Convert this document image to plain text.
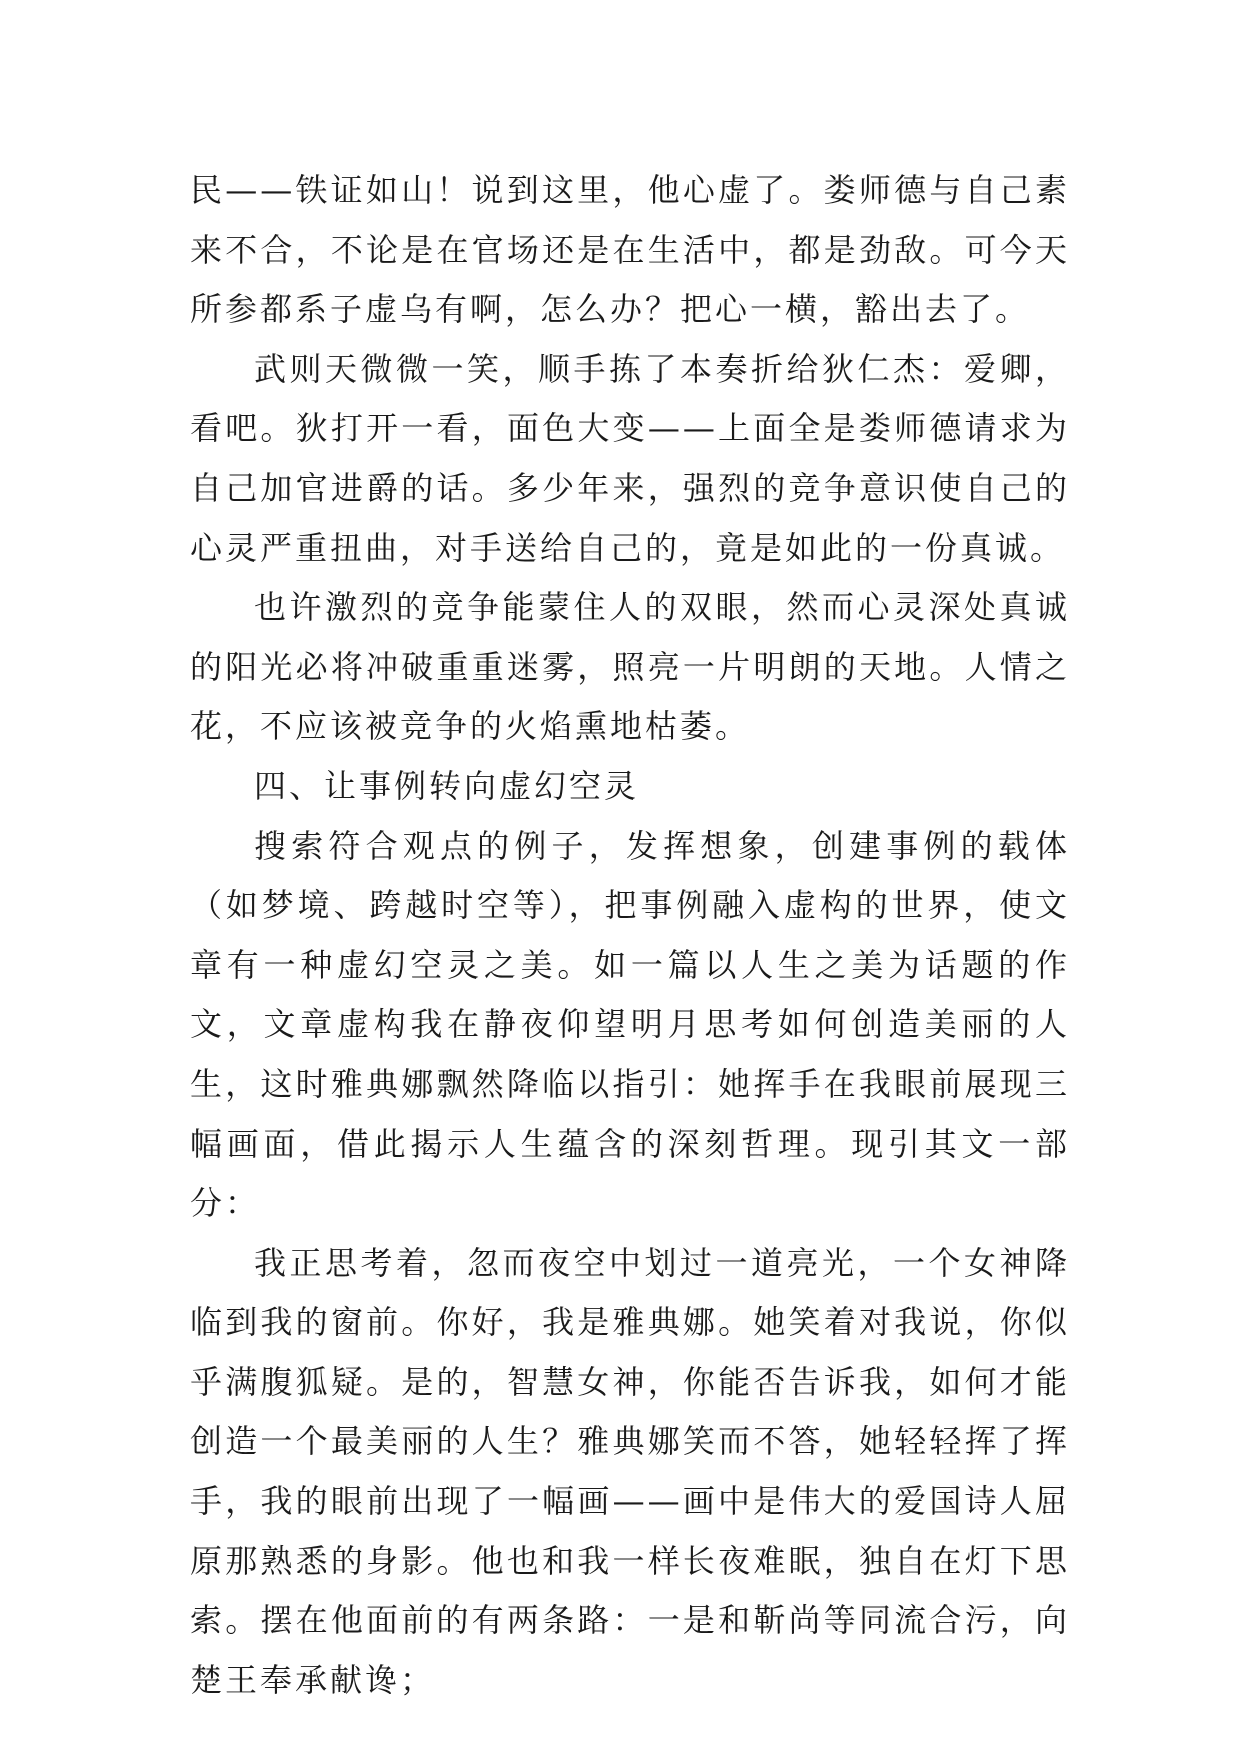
民——铁证如山！说到这里，他心虚了。娄师德与自己素来不合，不论是在官场还是在生活中，都是劲敌。可今天所参都系子虚乌有啊，怎么办？把心一横，豁出去了。

武则天微微一笑，顺手拣了本奏折给狄仁杰：爱卿，看吧。狄打开一看，面色大变——上面全是娄师德请求为自己加官进爵的话。多少年来，强烈的竞争意识使自己的心灵严重扭曲，对手送给自己的，竟是如此的一份真诚。

也许激烈的竞争能蒙住人的双眼，然而心灵深处真诚的阳光必将冲破重重迷雾，照亮一片明朗的天地。人情之花，不应该被竞争的火焰熏地枯萎。

四、让事例转向虚幻空灵

搜索符合观点的例子，发挥想象，创建事例的载体（如梦境、跨越时空等），把事例融入虚构的世界，使文章有一种虚幻空灵之美。如一篇以人生之美为话题的作文，文章虚构我在静夜仰望明月思考如何创造美丽的人生，这时雅典娜飘然降临以指引：她挥手在我眼前展现三幅画面，借此揭示人生蕴含的深刻哲理。现引其文一部分：

我正思考着，忽而夜空中划过一道亮光，一个女神降临到我的窗前。你好，我是雅典娜。她笑着对我说，你似乎满腹狐疑。是的，智慧女神，你能否告诉我，如何才能创造一个最美丽的人生？雅典娜笑而不答，她轻轻挥了挥手，我的眼前出现了一幅画——画中是伟大的爱国诗人屈原那熟悉的身影。他也和我一样长夜难眠，独自在灯下思索。摆在他面前的有两条路：一是和靳尚等同流合污，向楚王奉承献谗；
